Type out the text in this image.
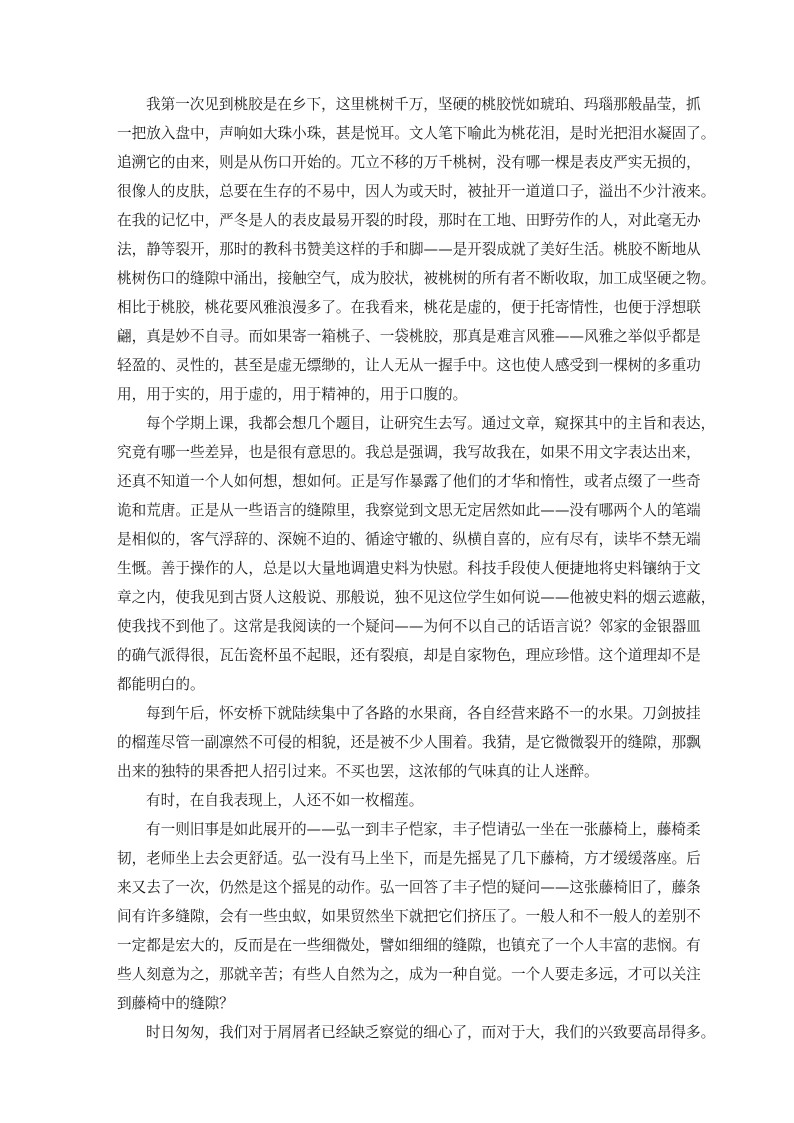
我第一次见到桃胶是在乡下，这里桃树千万，坚硬的桃胶恍如琥珀、玛瑙那般晶莹，抓
一把放入盘中，声响如大珠小珠，甚是悦耳。文人笔下喻此为桃花泪，是时光把泪水凝固了。
追溯它的由来，则是从伤口开始的。兀立不移的万千桃树，没有哪一棵是表皮严实无损的，
很像人的皮肤，总要在生存的不易中，因人为或天时，被扯开一道道口子，溢出不少汁液来。
在我的记忆中，严冬是人的表皮最易开裂的时段，那时在工地、田野劳作的人，对此毫无办
法，静等裂开，那时的教科书赞美这样的手和脚——是开裂成就了美好生活。桃胶不断地从
桃树伤口的缝隙中涌出，接触空气，成为胶状，被桃树的所有者不断收取，加工成坚硬之物。
相比于桃胶，桃花要风雅浪漫多了。在我看来，桃花是虚的，便于托寄情性，也便于浮想联
翩，真是妙不自寻。而如果寄一箱桃子、一袋桃胶，那真是难言风雅——风雅之举似乎都是
轻盈的、灵性的，甚至是虚无缥缈的，让人无从一握手中。这也使人感受到一棵树的多重功
用，用于实的，用于虚的，用于精神的，用于口腹的。
每个学期上课，我都会想几个题目，让研究生去写。通过文章，窥探其中的主旨和表达，
究竟有哪一些差异，也是很有意思的。我总是强调，我写故我在，如果不用文字表达出来，
还真不知道一个人如何想，想如何。正是写作暴露了他们的才华和惰性，或者点缀了一些奇
诡和荒唐。正是从一些语言的缝隙里，我察觉到文思无定居然如此——没有哪两个人的笔端
是相似的，客气浮辞的、深婉不迫的、循途守辙的、纵横自喜的，应有尽有，读毕不禁无端
生慨。善于操作的人，总是以大量地调遣史料为快慰。科技手段使人便捷地将史料镶纳于文
章之内，使我见到古贤人这般说、那般说，独不见这位学生如何说——他被史料的烟云遮蔽，
使我找不到他了。这常是我阅读的一个疑问——为何不以自己的话语言说？邻家的金银器皿
的确气派得很，瓦缶瓷杯虽不起眼，还有裂痕，却是自家物色，理应珍惜。这个道理却不是
都能明白的。
每到午后，怀安桥下就陆续集中了各路的水果商，各自经营来路不一的水果。刀剑披挂
的榴莲尽管一副凛然不可侵的相貌，还是被不少人围着。我猜，是它微微裂开的缝隙，那飘
出来的独特的果香把人招引过来。不买也罢，这浓郁的气味真的让人迷醉。
有时，在自我表现上，人还不如一枚榴莲。
有一则旧事是如此展开的——弘一到丰子恺家，丰子恺请弘一坐在一张藤椅上，藤椅柔
韧，老师坐上去会更舒适。弘一没有马上坐下，而是先摇晃了几下藤椅，方才缓缓落座。后
来又去了一次，仍然是这个摇晃的动作。弘一回答了丰子恺的疑问——这张藤椅旧了，藤条
间有许多缝隙，会有一些虫蚁，如果贸然坐下就把它们挤压了。一般人和不一般人的差别不
一定都是宏大的，反而是在一些细微处，譬如细细的缝隙，也镇充了一个人丰富的悲悯。有
些人刻意为之，那就辛苦；有些人自然为之，成为一种自觉。一个人要走多远，才可以关注
到藤椅中的缝隙？
时日匆匆，我们对于屑屑者已经缺乏察觉的细心了，而对于大，我们的兴致要高昂得多。
